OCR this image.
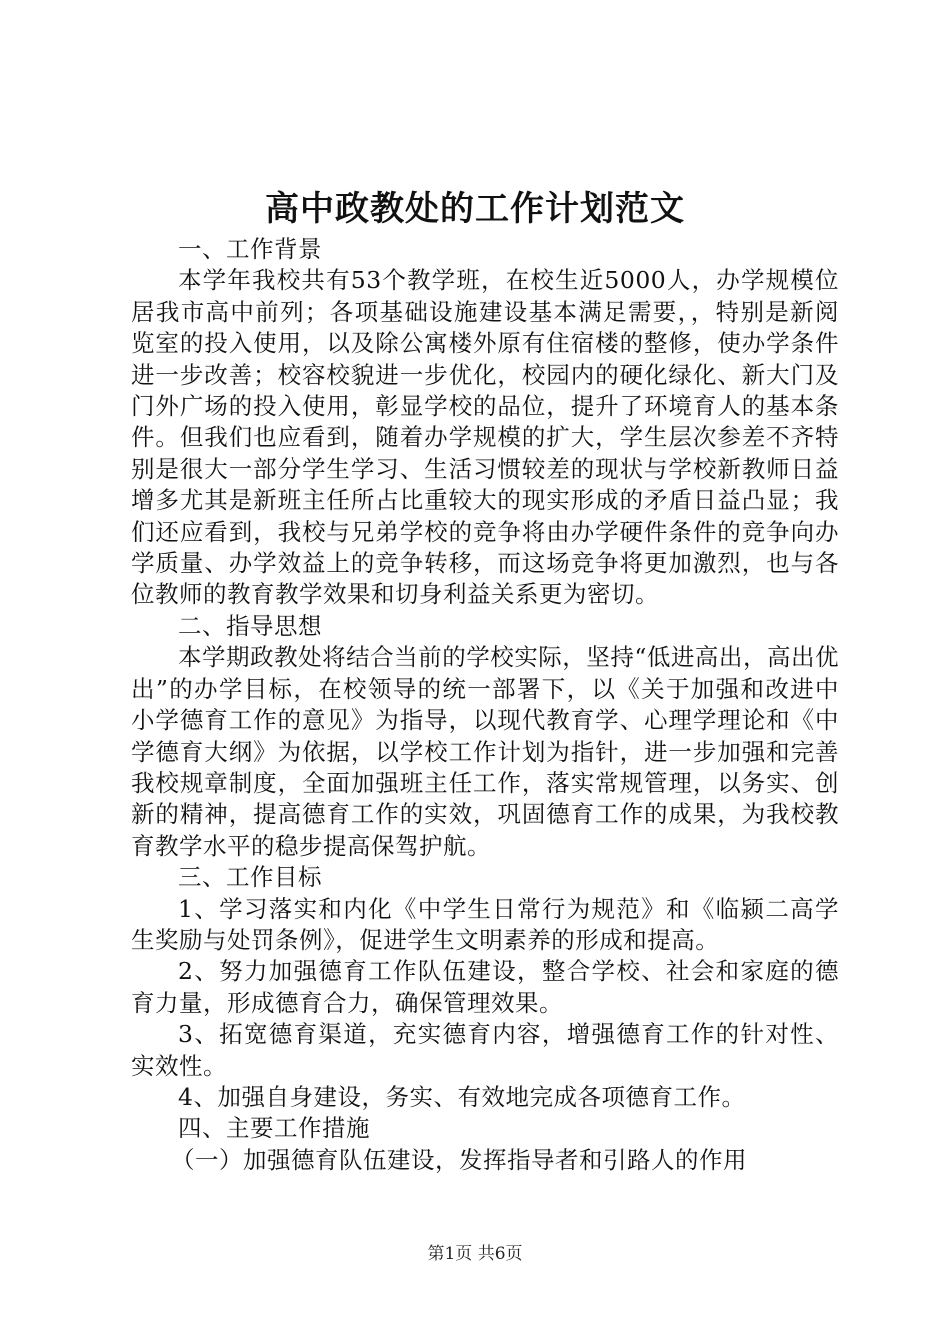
高中政教处的工作计划范文

一、工作背景

本学年我校共有53个教学班，在校生近5000人，办学规模位居我市高中前列；各项基础设施建设基本满足需要，，特别是新阅览室的投入使用，以及除公寓楼外原有住宿楼的整修，使办学条件进一步改善；校容校貌进一步优化，校园内的硬化绿化、新大门及门外广场的投入使用，彰显学校的品位，提升了环境育人的基本条件。但我们也应看到，随着办学规模的扩大，学生层次参差不齐特别是很大一部分学生学习、生活习惯较差的现状与学校新教师日益增多尤其是新班主任所占比重较大的现实形成的矛盾日益凸显；我们还应看到，我校与兄弟学校的竞争将由办学硬件条件的竞争向办学质量、办学效益上的竞争转移，而这场竞争将更加激烈，也与各位教师的教育教学效果和切身利益关系更为密切。

二、指导思想

本学期政教处将结合当前的学校实际，坚持“低进高出，高出优出”的办学目标，在校领导的统一部署下，以《关于加强和改进中小学德育工作的意见》为指导，以现代教育学、心理学理论和《中学德育大纲》为依据，以学校工作计划为指针，进一步加强和完善我校规章制度，全面加强班主任工作，落实常规管理，以务实、创新的精神，提高德育工作的实效，巩固德育工作的成果，为我校教育教学水平的稳步提高保驾护航。

三、工作目标

1、学习落实和内化《中学生日常行为规范》和《临颍二高学生奖励与处罚条例》，促进学生文明素养的形成和提高。

2、努力加强德育工作队伍建设，整合学校、社会和家庭的德育力量，形成德育合力，确保管理效果。

3、拓宽德育渠道，充实德育内容，增强德育工作的针对性、实效性。

4、加强自身建设，务实、有效地完成各项德育工作。

四、主要工作措施

（一）加强德育队伍建设，发挥指导者和引路人的作用

第1页 共6页
